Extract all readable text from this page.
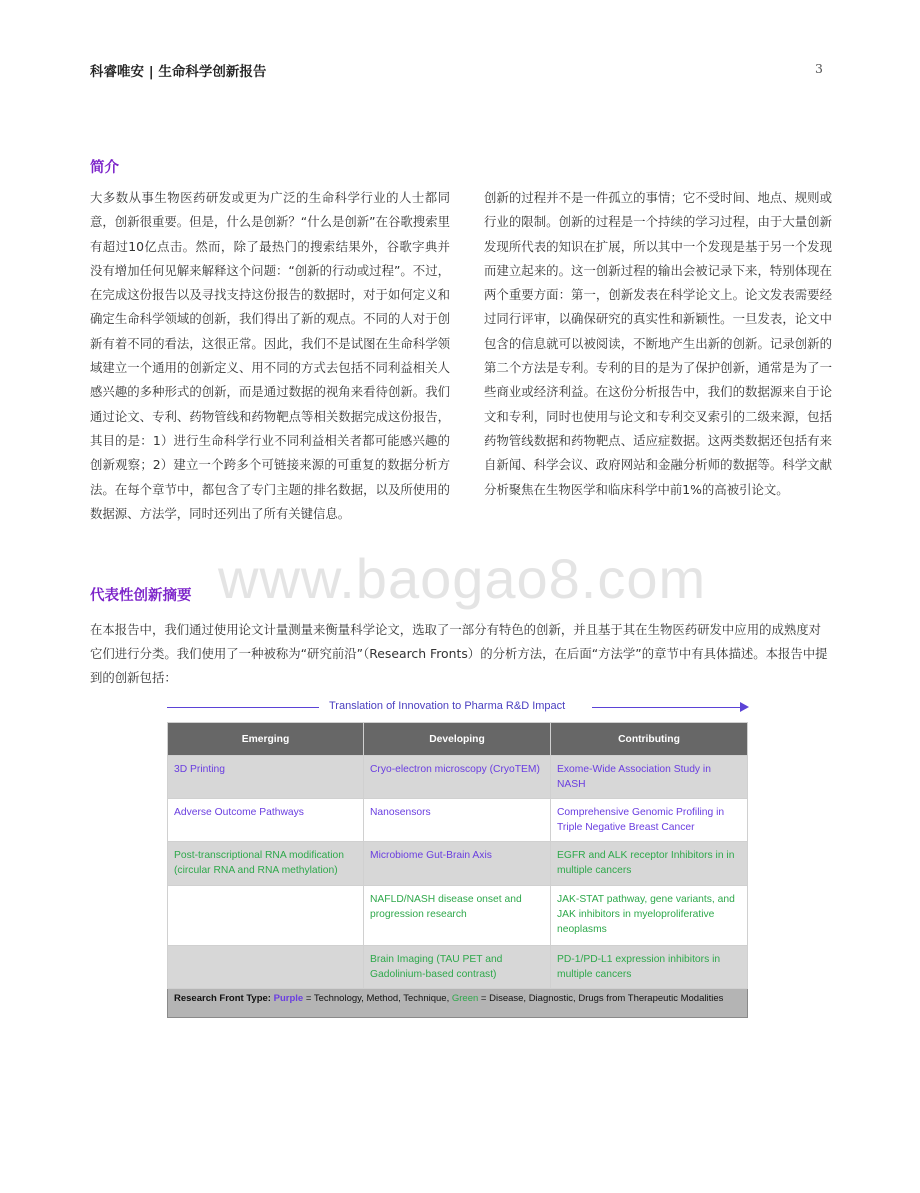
科睿唯安 | 生命科学创新报告	3
简介

大多数从事生物医药研发或更为广泛的生命科学行业的人士都同意，创新很重要。但是，什么是创新？“什么是创新”在谷歌搜索里有超过10亿点击。然而，除了最热门的搜索结果外，谷歌字典并没有增加任何见解来解释这个问题：“创新的行动或过程”。不过，在完成这份报告以及寻找支持这份报告的数据时，对于如何定义和确定生命科学领域的创新，我们得出了新的观点。不同的人对于创新有着不同的看法，这很正常。因此，我们不是试图在生命科学领域建立一个通用的创新定义、用不同的方式去包括不同利益相关人感兴趣的多种形式的创新，而是通过数据的视角来看待创新。我们通过论文、专利、药物管线和药物靶点等相关数据完成这份报告，其目的是：1）进行生命科学行业不同利益相关者都可能感兴趣的创新观察；2）建立一个跨多个可链接来源的可重复的数据分析方法。在每个章节中，都包含了专门主题的排名数据，以及所使用的数据源、方法学，同时还列出了所有关键信息。

创新的过程并不是一件孤立的事情；它不受时间、地点、规则或行业的限制。创新的过程是一个持续的学习过程，由于大量创新发现所代表的知识在扩展，所以其中一个发现是基于另一个发现而建立起来的。这一创新过程的输出会被记录下来，特别体现在两个重要方面：第一，创新发表在科学论文上。论文发表需要经过同行评审，以确保研究的真实性和新颖性。一旦发表，论文中包含的信息就可以被阅读，不断地产生出新的创新。记录创新的第二个方法是专利。专利的目的是为了保护创新，通常是为了一些商业或经济利益。在这份分析报告中，我们的数据源来自于论文和专利，同时也使用与论文和专利交叉索引的二级来源，包括药物管线数据和药物靶点、适应症数据。这两类数据还包括有来自新闻、科学会议、政府网站和金融分析师的数据等。科学文献分析聚焦在生物医学和临床科学中前1%的高被引论文。

www.baogao8.com
代表性创新摘要

在本报告中，我们通过使用论文计量测量来衡量科学论文，选取了一部分有特色的创新，并且基于其在生物医药研发中应用的成熟度对它们进行分类。我们使用了一种被称为“研究前沿”（Research Fronts）的分析方法，在后面“方法学”的章节中有具体描述。本报告中提到的创新包括：

Translation of Innovation to Pharma R&D Impact
Emerging	Developing	Contributing
3D Printing	Cryo-electron microscopy (CryoTEM)	Exome-Wide Association Study in NASH
Adverse Outcome Pathways	Nanosensors	Comprehensive Genomic Profiling in Triple Negative Breast Cancer
Post-transcriptional RNA modification (circular RNA and RNA methylation)	Microbiome Gut-Brain Axis	EGFR and ALK receptor Inhibitors in in multiple cancers
	NAFLD/NASH disease onset and progression research	JAK-STAT pathway, gene variants, and JAK inhibitors in myeloproliferative neoplasms
	Brain Imaging (TAU PET and Gadolinium-based contrast)	PD-1/PD-L1 expression inhibitors in multiple cancers
Research Front Type: Purple = Technology, Method, Technique, Green = Disease, Diagnostic, Drugs from Therapeutic Modalities		
